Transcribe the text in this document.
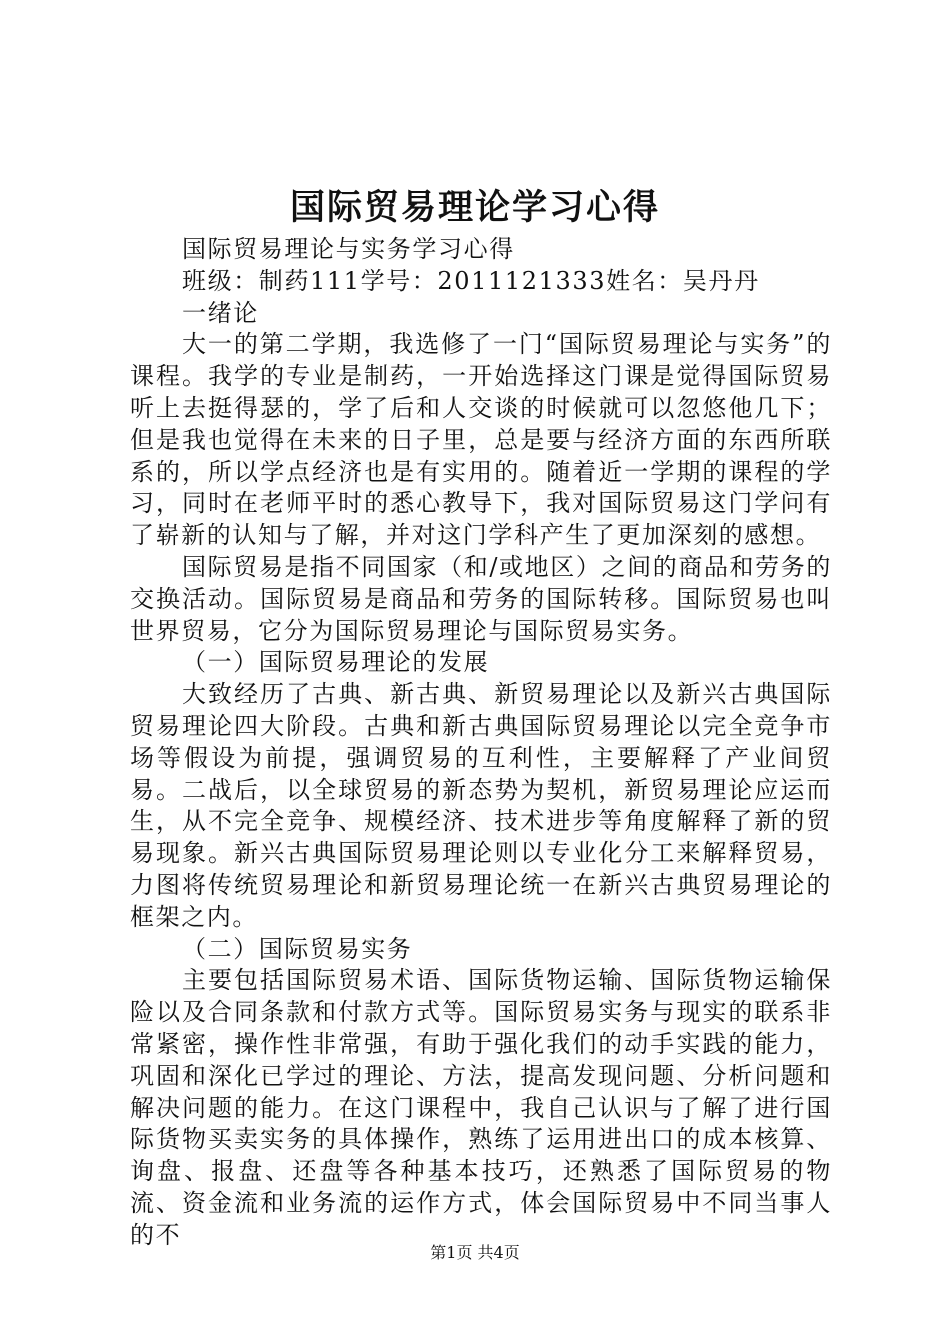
国际贸易理论学习心得

国际贸易理论与实务学习心得

班级：制药111学号：2011121333姓名：吴丹丹

一绪论

大一的第二学期，我选修了一门“国际贸易理论与实务”的课程。我学的专业是制药，一开始选择这门课是觉得国际贸易听上去挺得瑟的，学了后和人交谈的时候就可以忽悠他几下；但是我也觉得在未来的日子里，总是要与经济方面的东西所联系的，所以学点经济也是有实用的。随着近一学期的课程的学习，同时在老师平时的悉心教导下，我对国际贸易这门学问有了崭新的认知与了解，并对这门学科产生了更加深刻的感想。

国际贸易是指不同国家（和/或地区）之间的商品和劳务的交换活动。国际贸易是商品和劳务的国际转移。国际贸易也叫世界贸易，它分为国际贸易理论与国际贸易实务。

（一）国际贸易理论的发展

大致经历了古典、新古典、新贸易理论以及新兴古典国际贸易理论四大阶段。古典和新古典国际贸易理论以完全竞争市场等假设为前提，强调贸易的互利性，主要解释了产业间贸易。二战后，以全球贸易的新态势为契机，新贸易理论应运而生，从不完全竞争、规模经济、技术进步等角度解释了新的贸易现象。新兴古典国际贸易理论则以专业化分工来解释贸易，力图将传统贸易理论和新贸易理论统一在新兴古典贸易理论的框架之内。

（二）国际贸易实务

主要包括国际贸易术语、国际货物运输、国际货物运输保险以及合同条款和付款方式等。国际贸易实务与现实的联系非常紧密，操作性非常强，有助于强化我们的动手实践的能力，巩固和深化已学过的理论、方法，提高发现问题、分析问题和解决问题的能力。在这门课程中，我自己认识与了解了进行国际货物买卖实务的具体操作，熟练了运用进出口的成本核算、询盘、报盘、还盘等各种基本技巧，还熟悉了国际贸易的物流、资金流和业务流的运作方式，体会国际贸易中不同当事人的不

第1页 共4页
